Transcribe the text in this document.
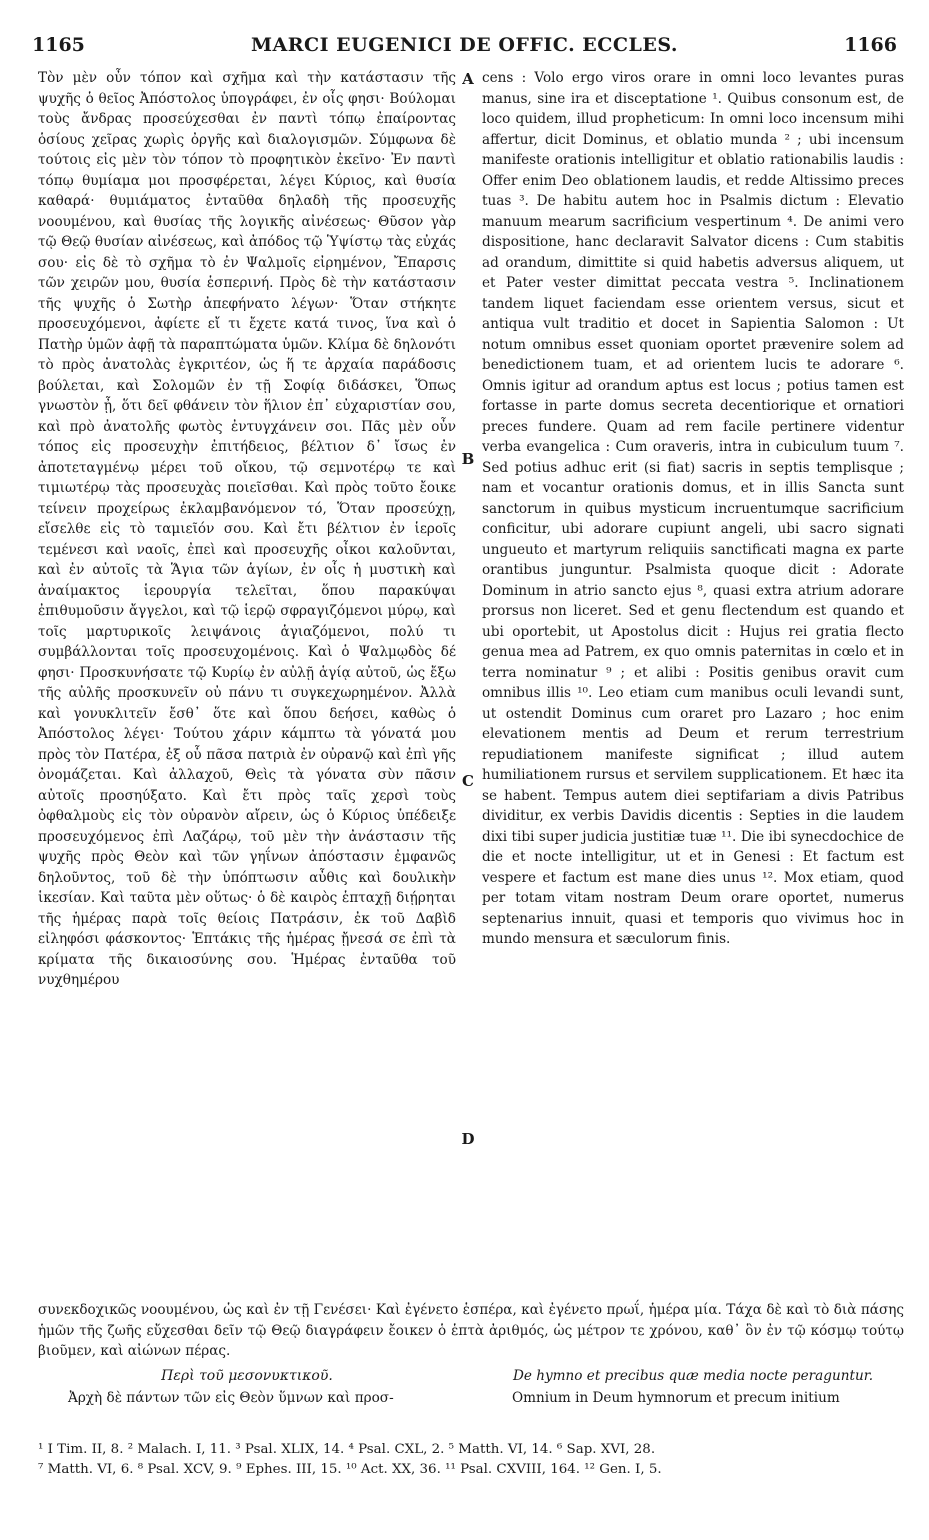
1165	MARCI EUGENICI DE OFFIC. ECCLES.	1166

Τὸν μὲν οὖν τόπον καὶ σχῆμα καὶ τὴν κατάστασιν τῆς ψυχῆς ὁ θεῖος Ἀπόστολος ὑπογράφει, ἐν οἷς φησι· Βούλομαι τοὺς ἄνδρας προσεύχεσθαι ἐν παντὶ τόπῳ ἐπαίροντας ὁσίους χεῖρας χωρὶς ὀργῆς καὶ διαλογισμῶν. Σύμφωνα δὲ τούτοις εἰς μὲν τὸν τόπον τὸ προφητικὸν ἐκεῖνο· Ἐν παντὶ τόπῳ θυμίαμα μοι προσφέρεται, λέγει Κύριος, καὶ θυσία καθαρά· θυμιάματος ἐνταῦθα δηλαδὴ τῆς προσευχῆς νοουμένου, καὶ θυσίας τῆς λογικῆς αἰνέσεως· Θῦσον γὰρ τῷ Θεῷ θυσίαν αἰνέσεως, καὶ ἀπόδος τῷ Ὑψίστῳ τὰς εὐχάς σου· εἰς δὲ τὸ σχῆμα τὸ ἐν Ψαλμοῖς εἰρημένον, Ἔπαρσις τῶν χειρῶν μου, θυσία ἑσπερινή. Πρὸς δὲ τὴν κατάστασιν τῆς ψυχῆς ὁ Σωτὴρ ἀπεφήνατο λέγων· Ὅταν στήκητε προσευχόμενοι, ἀφίετε εἴ τι ἔχετε κατά τινος, ἵνα καὶ ὁ Πατὴρ ὑμῶν ἀφῇ τὰ παραπτώματα ὑμῶν. Κλίμα δὲ δηλονότι τὸ πρὸς ἀνατολὰς ἐγκριτέον, ὡς ἥ τε ἀρχαία παράδοσις βούλεται, καὶ Σολομῶν ἐν τῇ Σοφίᾳ διδάσκει, Ὅπως γνωστὸν ᾖ, ὅτι δεῖ φθάνειν τὸν ἥλιον ἐπ᾽ εὐχαριστίαν σου, καὶ πρὸ ἀνατολῆς φωτὸς ἐντυγχάνειν σοι. Πᾶς μὲν οὖν τόπος εἰς προσευχὴν ἐπιτήδειος, βέλτιον δ᾽ ἴσως ἐν ἀποτεταγμένῳ μέρει τοῦ οἴκου, τῷ σεμνοτέρῳ τε καὶ τιμιωτέρῳ τὰς προσευχὰς ποιεῖσθαι. Καὶ πρὸς τοῦτο ἔοικε τείνειν προχείρως ἐκλαμβανόμενον τό, Ὅταν προσεύχῃ, εἴσελθε εἰς τὸ ταμιεῖόν σου. Καὶ ἔτι βέλτιον ἐν ἱεροῖς τεμένεσι καὶ ναοῖς, ἐπεὶ καὶ προσευχῆς οἶκοι καλοῦνται, καὶ ἐν αὐτοῖς τὰ Ἅγια τῶν ἁγίων, ἐν οἷς ἡ μυστικὴ καὶ ἀναίμακτος ἱερουργία τελεῖται, ὅπου παρακύψαι ἐπιθυμοῦσιν ἄγγελοι, καὶ τῷ ἱερῷ σφραγιζόμενοι μύρῳ, καὶ τοῖς μαρτυρικοῖς λειψάνοις ἁγιαζόμενοι, πολύ τι συμβάλλονται τοῖς προσευχομένοις. Καὶ ὁ Ψαλμῳδὸς δέ φησι· Προσκυνήσατε τῷ Κυρίῳ ἐν αὐλῇ ἁγίᾳ αὐτοῦ, ὡς ἔξω τῆς αὐλῆς προσκυνεῖν οὐ πάνυ τι συγκεχωρημένον. Ἀλλὰ καὶ γονυκλιτεῖν ἔσθ᾽ ὅτε καὶ ὅπου δεήσει, καθὼς ὁ Ἀπόστολος λέγει· Τούτου χάριν κάμπτω τὰ γόνατά μου πρὸς τὸν Πατέρα, ἐξ οὗ πᾶσα πατριὰ ἐν οὐρανῷ καὶ ἐπὶ γῆς ὀνομάζεται. Καὶ ἀλλαχοῦ, Θεὶς τὰ γόνατα σὺν πᾶσιν αὐτοῖς προσηύξατο. Καὶ ἔτι πρὸς ταῖς χερσὶ τοὺς ὀφθαλμοὺς εἰς τὸν οὐρανὸν αἴρειν, ὡς ὁ Κύριος ὑπέδειξε προσευχόμενος ἐπὶ Λαζάρῳ, τοῦ μὲν τὴν ἀνάστασιν τῆς ψυχῆς πρὸς Θεὸν καὶ τῶν γηΐνων ἀπόστασιν ἐμφανῶς δηλοῦντος, τοῦ δὲ τὴν ὑπόπτωσιν αὖθις καὶ δουλικὴν ἱκεσίαν. Καὶ ταῦτα μὲν οὕτως· ὁ δὲ καιρὸς ἑπταχῇ διῄρηται τῆς ἡμέρας παρὰ τοῖς θείοις Πατράσιν, ἐκ τοῦ Δαβὶδ εἰληφόσι φάσκοντος· Ἑπτάκις τῆς ἡμέρας ᾔνεσά σε ἐπὶ τὰ κρίματα τῆς δικαιοσύνης σου. Ἡμέρας ἐνταῦθα τοῦ νυχθημέρου

A
B
C
D

cens : Volo ergo viros orare in omni loco levantes puras manus, sine ira et disceptatione ¹. Quibus consonum est, de loco quidem, illud propheticum: In omni loco incensum mihi affertur, dicit Dominus, et oblatio munda ² ; ubi incensum manifeste orationis intelligitur et oblatio rationabilis laudis : Offer enim Deo oblationem laudis, et redde Altissimo preces tuas ³. De habitu autem hoc in Psalmis dictum : Elevatio manuum mearum sacrificium vespertinum ⁴. De animi vero dispositione, hanc declaravit Salvator dicens : Cum stabitis ad orandum, dimittite si quid habetis adversus aliquem, ut et Pater vester dimittat peccata vestra ⁵. Inclinationem tandem liquet faciendam esse orientem versus, sicut et antiqua vult traditio et docet in Sapientia Salomon : Ut notum omnibus esset quoniam oportet prævenire solem ad benedictionem tuam, et ad orientem lucis te adorare ⁶. Omnis igitur ad orandum aptus est locus ; potius tamen est fortasse in parte domus secreta decentiorique et ornatiori preces fundere. Quam ad rem facile pertinere videntur verba evangelica : Cum oraveris, intra in cubiculum tuum ⁷. Sed potius adhuc erit (si fiat) sacris in septis templisque ; nam et vocantur orationis domus, et in illis Sancta sunt sanctorum in quibus mysticum incruentumque sacrificium conficitur, ubi adorare cupiunt angeli, ubi sacro signati ungueuto et martyrum reliquiis sanctificati magna ex parte orantibus junguntur. Psalmista quoque dicit : Adorate Dominum in atrio sancto ejus ⁸, quasi extra atrium adorare prorsus non liceret. Sed et genu flectendum est quando et ubi oportebit, ut Apostolus dicit : Hujus rei gratia flecto genua mea ad Patrem, ex quo omnis paternitas in cœlo et in terra nominatur ⁹ ; et alibi : Positis genibus oravit cum omnibus illis ¹⁰. Leo etiam cum manibus oculi levandi sunt, ut ostendit Dominus cum oraret pro Lazaro ; hoc enim elevationem mentis ad Deum et rerum terrestrium repudiationem manifeste significat ; illud autem humiliationem rursus et servilem supplicationem. Et hæc ita se habent. Tempus autem diei septifariam a divis Patribus dividitur, ex verbis Davidis dicentis : Septies in die laudem dixi tibi super judicia justitiæ tuæ ¹¹. Die ibi synecdochice de die et nocte intelligitur, ut et in Genesi : Et factum est vespere et factum est mane dies unus ¹². Mox etiam, quod per totam vitam nostram Deum orare oportet, numerus septenarius innuit, quasi et temporis quo vivimus hoc in mundo mensura et sæculorum finis.

συνεκδοχικῶς νοουμένου, ὡς καὶ ἐν τῇ Γενέσει· Καὶ ἐγένετο ἑσπέρα, καὶ ἐγένετο πρωΐ, ἡμέρα μία. Τάχα δὲ καὶ τὸ διὰ πάσης ἡμῶν τῆς ζωῆς εὔχεσθαι δεῖν τῷ Θεῷ διαγράφειν ἔοικεν ὁ ἑπτὰ ἀριθμός, ὡς μέτρον τε χρόνου, καθ᾽ ὃν ἐν τῷ κόσμῳ τούτῳ βιοῦμεν, καὶ αἰώνων πέρας.
Περὶ τοῦ μεσονυκτικοῦ.	De hymno et precibus quæ media nocte peraguntur.
Ἀρχὴ δὲ πάντων τῶν εἰς Θεὸν ὕμνων καὶ προσ-	Omnium in Deum hymnorum et precum initium
¹ I Tim. II, 8. ² Malach. I, 11. ³ Psal. XLIX, 14. ⁴ Psal. CXL, 2. ⁵ Matth. VI, 14. ⁶ Sap. XVI, 28.
⁷ Matth. VI, 6. ⁸ Psal. XCV, 9. ⁹ Ephes. III, 15. ¹⁰ Act. XX, 36. ¹¹ Psal. CXVIII, 164. ¹² Gen. I, 5.
